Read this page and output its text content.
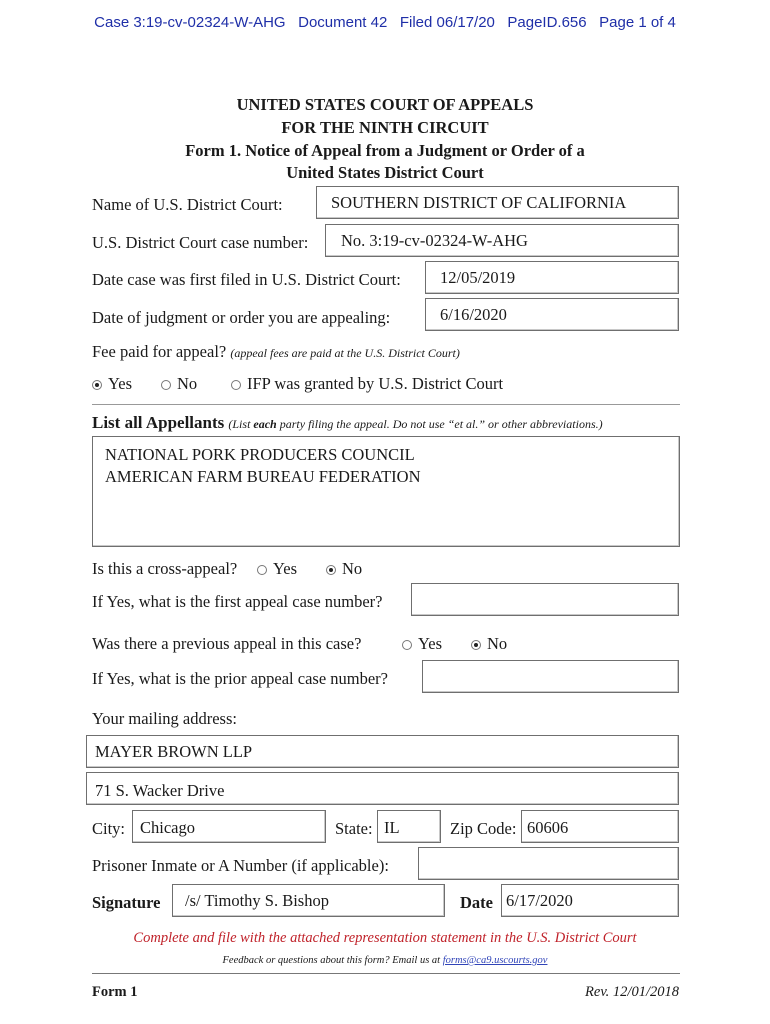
Case 3:19-cv-02324-W-AHG   Document 42   Filed 06/17/20   PageID.656   Page 1 of 4
UNITED STATES COURT OF APPEALS
FOR THE NINTH CIRCUIT
Form 1. Notice of Appeal from a Judgment or Order of a
United States District Court
Name of U.S. District Court:	SOUTHERN DISTRICT OF CALIFORNIA
U.S. District Court case number:	No. 3:19-cv-02324-W-AHG
Date case was first filed in U.S. District Court:	12/05/2019
Date of judgment or order you are appealing:	6/16/2020
Fee paid for appeal? (appeal fees are paid at the U.S. District Court)
Yes	No	IFP was granted by U.S. District Court
List all Appellants (List each party filing the appeal. Do not use “et al.” or other abbreviations.)
NATIONAL PORK PRODUCERS COUNCIL
AMERICAN FARM BUREAU FEDERATION
Is this a cross-appeal?	Yes	No
If Yes, what is the first appeal case number?
Was there a previous appeal in this case?	Yes	No
If Yes, what is the prior appeal case number?
Your mailing address:
MAYER BROWN LLP
71 S. Wacker Drive
City: Chicago	State: IL	Zip Code: 60606
Prisoner Inmate or A Number (if applicable):
Signature	/s/ Timothy S. Bishop	Date 6/17/2020
Complete and file with the attached representation statement in the U.S. District Court
Feedback or questions about this form? Email us at forms@ca9.uscourts.gov
Form 1	Rev. 12/01/2018
